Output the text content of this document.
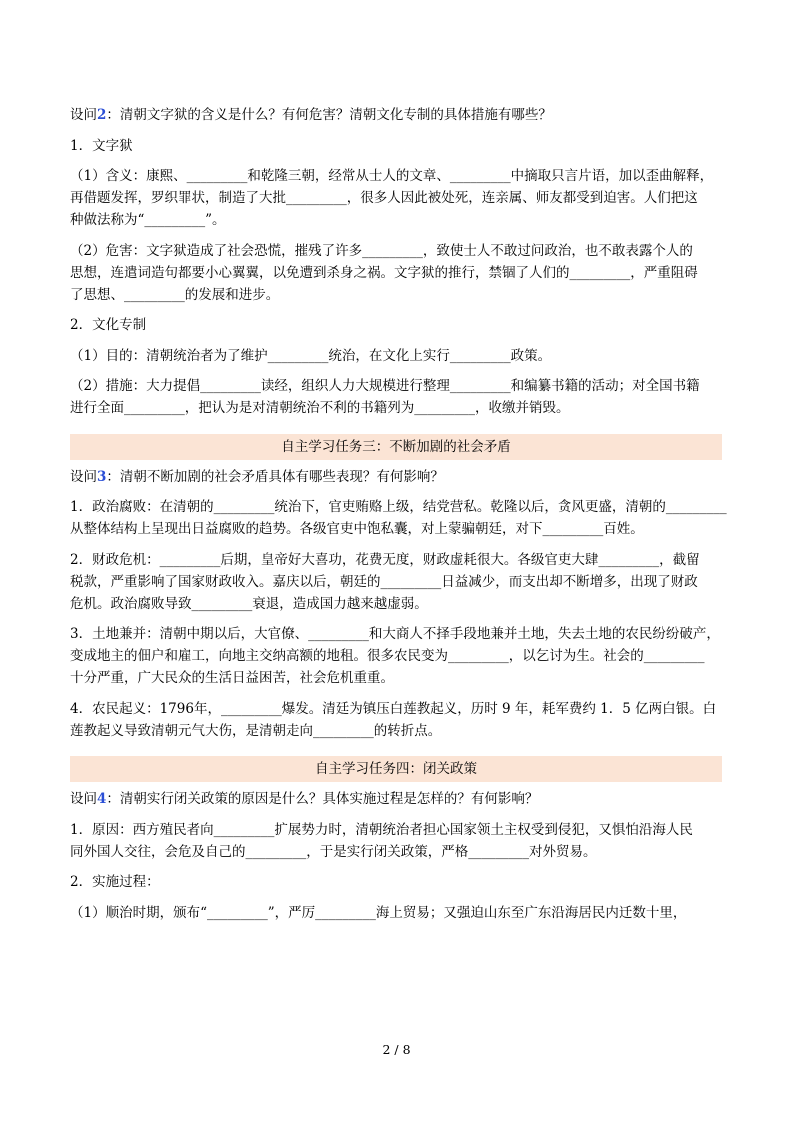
设问2：清朝文字狱的含义是什么？有何危害？清朝文化专制的具体措施有哪些？
1．文字狱
（1）含义：康熙、_________和乾隆三朝，经常从士人的文章、_________中摘取只言片语，加以歪曲解释，
再借题发挥，罗织罪状，制造了大批_________，很多人因此被处死，连亲属、师友都受到迫害。人们把这
种做法称为“_________”。
（2）危害：文字狱造成了社会恐慌，摧残了许多_________，致使士人不敢过问政治，也不敢表露个人的
思想，连遣词造句都要小心翼翼，以免遭到杀身之祸。文字狱的推行，禁锢了人们的_________，严重阻碍
了思想、_________的发展和进步。
2．文化专制
（1）目的：清朝统治者为了维护_________统治，在文化上实行_________政策。
（2）措施：大力提倡_________读经，组织人力大规模进行整理_________和编纂书籍的活动；对全国书籍
进行全面_________，把认为是对清朝统治不利的书籍列为_________，收缴并销毁。
自主学习任务三：不断加剧的社会矛盾
设问3：清朝不断加剧的社会矛盾具体有哪些表现？有何影响？
1．政治腐败：在清朝的_________统治下，官吏贿赂上级，结党营私。乾隆以后，贪风更盛，清朝的_________
从整体结构上呈现出日益腐败的趋势。各级官吏中饱私囊，对上蒙骗朝廷，对下_________百姓。
2．财政危机：_________后期，皇帝好大喜功，花费无度，财政虚耗很大。各级官吏大肆_________，截留
税款，严重影响了国家财政收入。嘉庆以后，朝廷的_________日益减少，而支出却不断增多，出现了财政
危机。政治腐败导致_________衰退，造成国力越来越虚弱。
3．土地兼并：清朝中期以后，大官僚、_________和大商人不择手段地兼并土地，失去土地的农民纷纷破产，
变成地主的佃户和雇工，向地主交纳高额的地租。很多农民变为_________，以乞讨为生。社会的_________
十分严重，广大民众的生活日益困苦，社会危机重重。
4．农民起义：1796年，_________爆发。清廷为镇压白莲教起义，历时 9 年，耗军费约 1．5 亿两白银。白
莲教起义导致清朝元气大伤，是清朝走向_________的转折点。
自主学习任务四：闭关政策
设问4：清朝实行闭关政策的原因是什么？具体实施过程是怎样的？有何影响？
1．原因：西方殖民者向_________扩展势力时，清朝统治者担心国家领土主权受到侵犯，又惧怕沿海人民
同外国人交往，会危及自己的_________，于是实行闭关政策，严格_________对外贸易。
2．实施过程：
（1）顺治时期，颁布“_________”，严厉_________海上贸易；又强迫山东至广东沿海居民内迁数十里，
2 / 8
